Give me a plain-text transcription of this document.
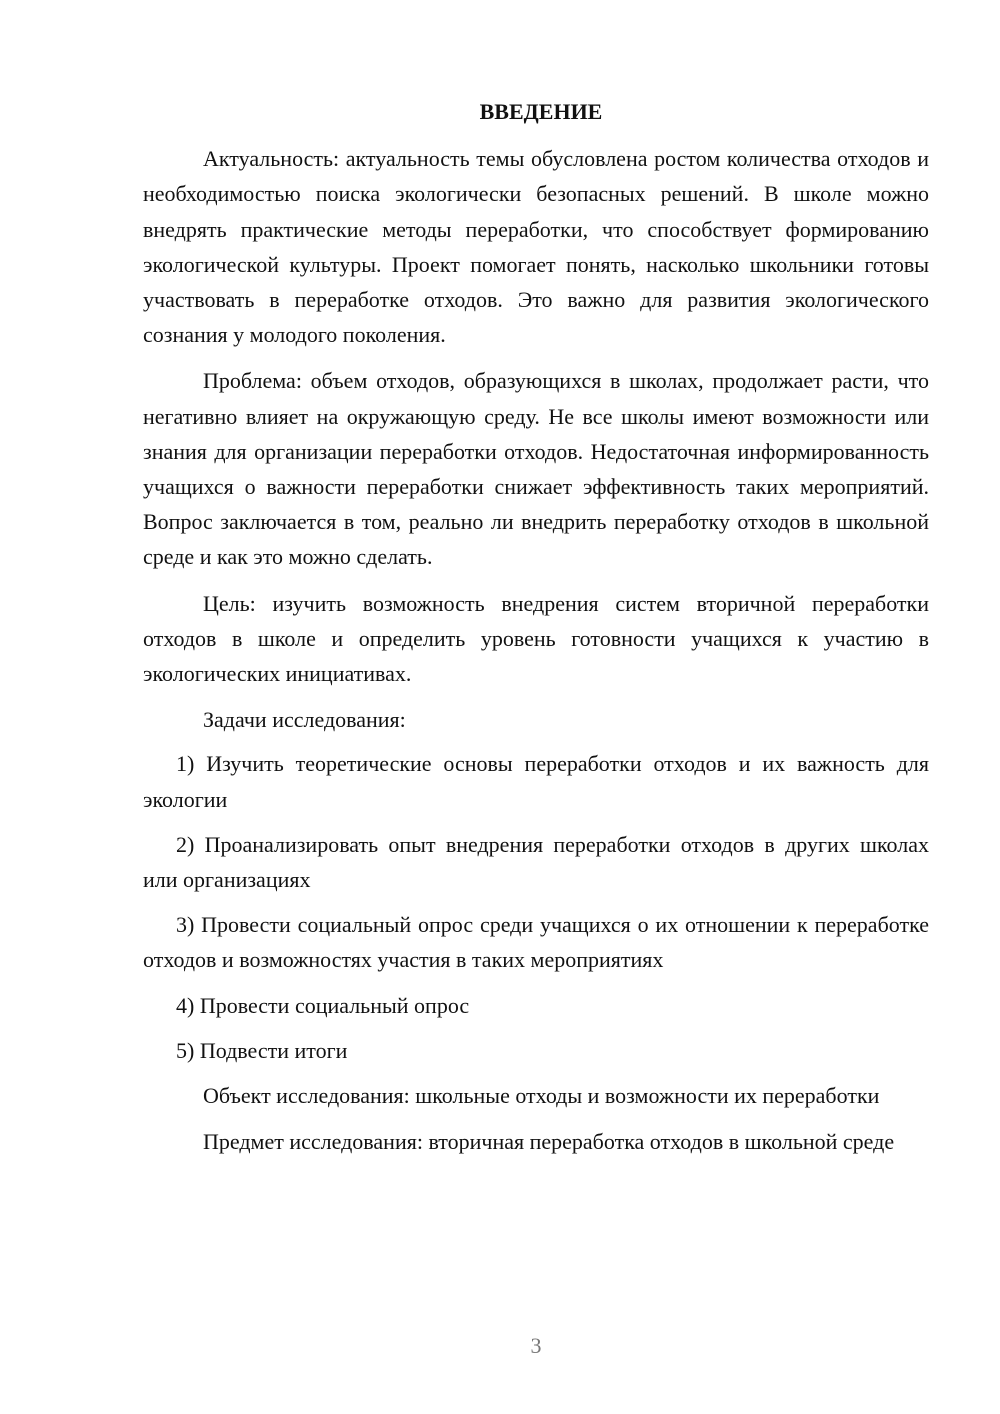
ВВЕДЕНИЕ

Актуальность: актуальность темы обусловлена ростом количества отходов и необходимостью поиска экологически безопасных решений. В школе можно внедрять практические методы переработки, что способствует формированию экологической культуры. Проект помогает понять, насколько школьники готовы участвовать в переработке отходов. Это важно для развития экологического сознания у молодого поколения.

Проблема: объем отходов, образующихся в школах, продолжает расти, что негативно влияет на окружающую среду. Не все школы имеют возможности или знания для организации переработки отходов. Недостаточная информированность учащихся о важности переработки снижает эффективность таких мероприятий. Вопрос заключается в том, реально ли внедрить переработку отходов в школьной среде и как это можно сделать.

Цель: изучить возможность внедрения систем вторичной переработки отходов в школе и определить уровень готовности учащихся к участию в экологических инициативах.

Задачи исследования:

1) Изучить теоретические основы переработки отходов и их важность для экологии

2) Проанализировать опыт внедрения переработки отходов в других школах или организациях

3) Провести социальный опрос среди учащихся о их отношении к переработке отходов и возможностях участия в таких мероприятиях

4) Провести социальный опрос

5) Подвести итоги

Объект исследования: школьные отходы и возможности их переработки

Предмет исследования: вторичная переработка отходов в школьной среде

3
